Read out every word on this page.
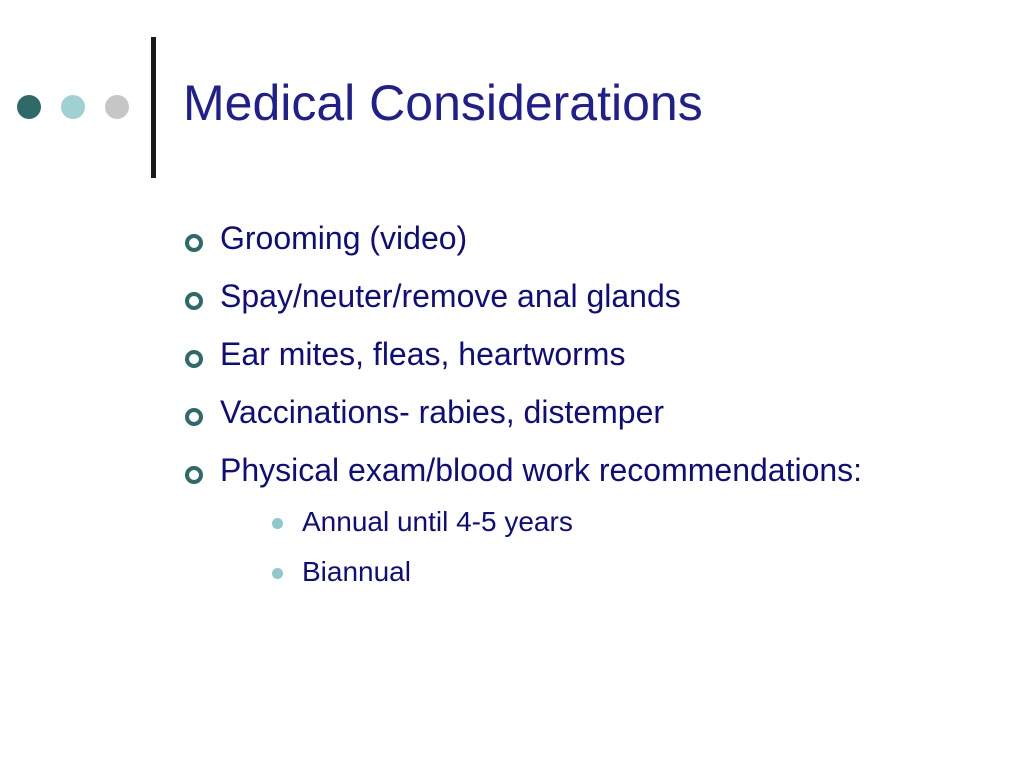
Medical Considerations
Grooming (video)
Spay/neuter/remove anal glands
Ear mites, fleas, heartworms
Vaccinations- rabies, distemper
Physical exam/blood work recommendations:
Annual until 4-5 years
Biannual
